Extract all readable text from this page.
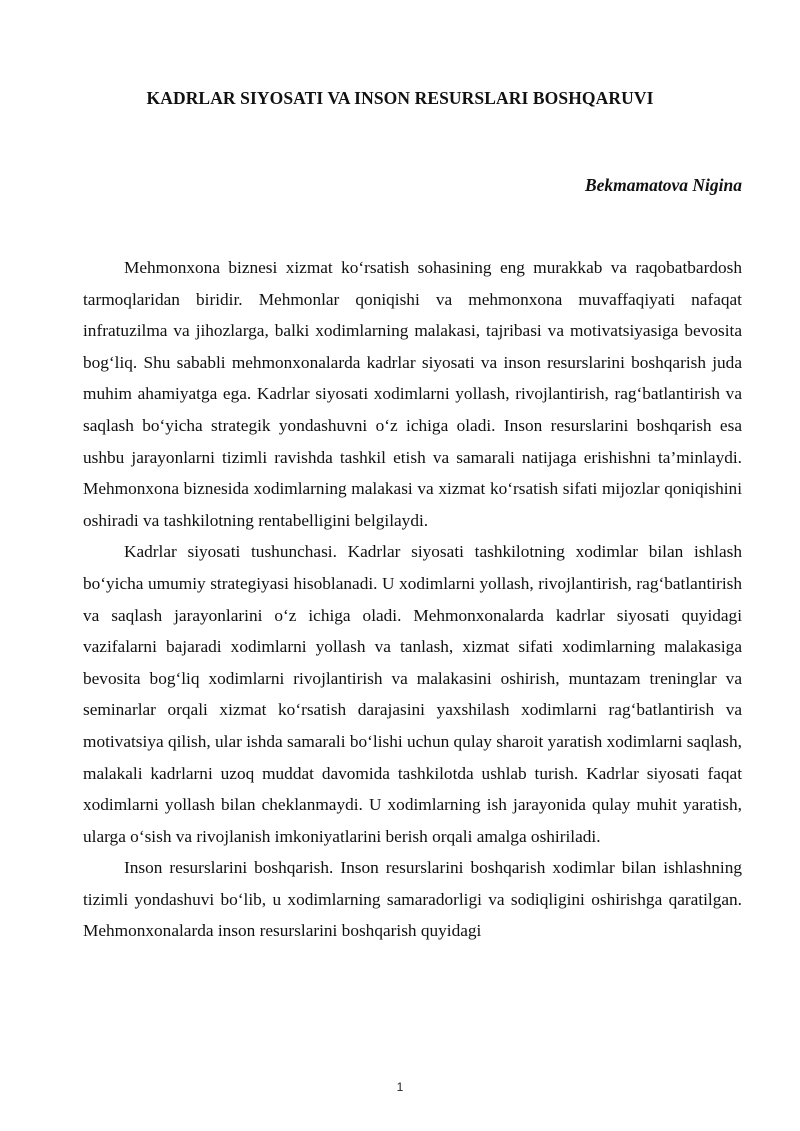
KADRLAR SIYOSATI VA INSON RESURSLARI BOSHQARUVI
Bekmamatova Nigina

Mehmonxona biznesi xizmat ko‘rsatish sohasining eng murakkab va raqobatbardosh tarmoqlaridan biridir. Mehmonlar qoniqishi va mehmonxona muvaffaqiyati nafaqat infratuzilma va jihozlarga, balki xodimlarning malakasi, tajribasi va motivatsiyasiga bevosita bog‘liq. Shu sababli mehmonxonalarda kadrlar siyosati va inson resurslarini boshqarish juda muhim ahamiyatga ega. Kadrlar siyosati xodimlarni yollash, rivojlantirish, rag‘batlantirish va saqlash bo‘yicha strategik yondashuvni o‘z ichiga oladi. Inson resurslarini boshqarish esa ushbu jarayonlarni tizimli ravishda tashkil etish va samarali natijaga erishishni ta’minlaydi. Mehmonxona biznesida xodimlarning malakasi va xizmat ko‘rsatish sifati mijozlar qoniqishini oshiradi va tashkilotning rentabelligini belgilaydi.

Kadrlar siyosati tushunchasi. Kadrlar siyosati tashkilotning xodimlar bilan ishlash bo‘yicha umumiy strategiyasi hisoblanadi. U xodimlarni yollash, rivojlantirish, rag‘batlantirish va saqlash jarayonlarini o‘z ichiga oladi. Mehmonxonalarda kadrlar siyosati quyidagi vazifalarni bajaradi xodimlarni yollash va tanlash, xizmat sifati xodimlarning malakasiga bevosita bog‘liq xodimlarni rivojlantirish va malakasini oshirish, muntazam treninglar va seminarlar orqali xizmat ko‘rsatish darajasini yaxshilash xodimlarni rag‘batlantirish va motivatsiya qilish, ular ishda samarali bo‘lishi uchun qulay sharoit yaratish xodimlarni saqlash, malakali kadrlarni uzoq muddat davomida tashkilotda ushlab turish. Kadrlar siyosati faqat xodimlarni yollash bilan cheklanmaydi. U xodimlarning ish jarayonida qulay muhit yaratish, ularga o‘sish va rivojlanish imkoniyatlarini berish orqali amalga oshiriladi.

Inson resurslarini boshqarish. Inson resurslarini boshqarish xodimlar bilan ishlashning tizimli yondashuvi bo‘lib, u xodimlarning samaradorligi va sodiqligini oshirishga qaratilgan. Mehmonxonalarda inson resurslarini boshqarish quyidagi

1
